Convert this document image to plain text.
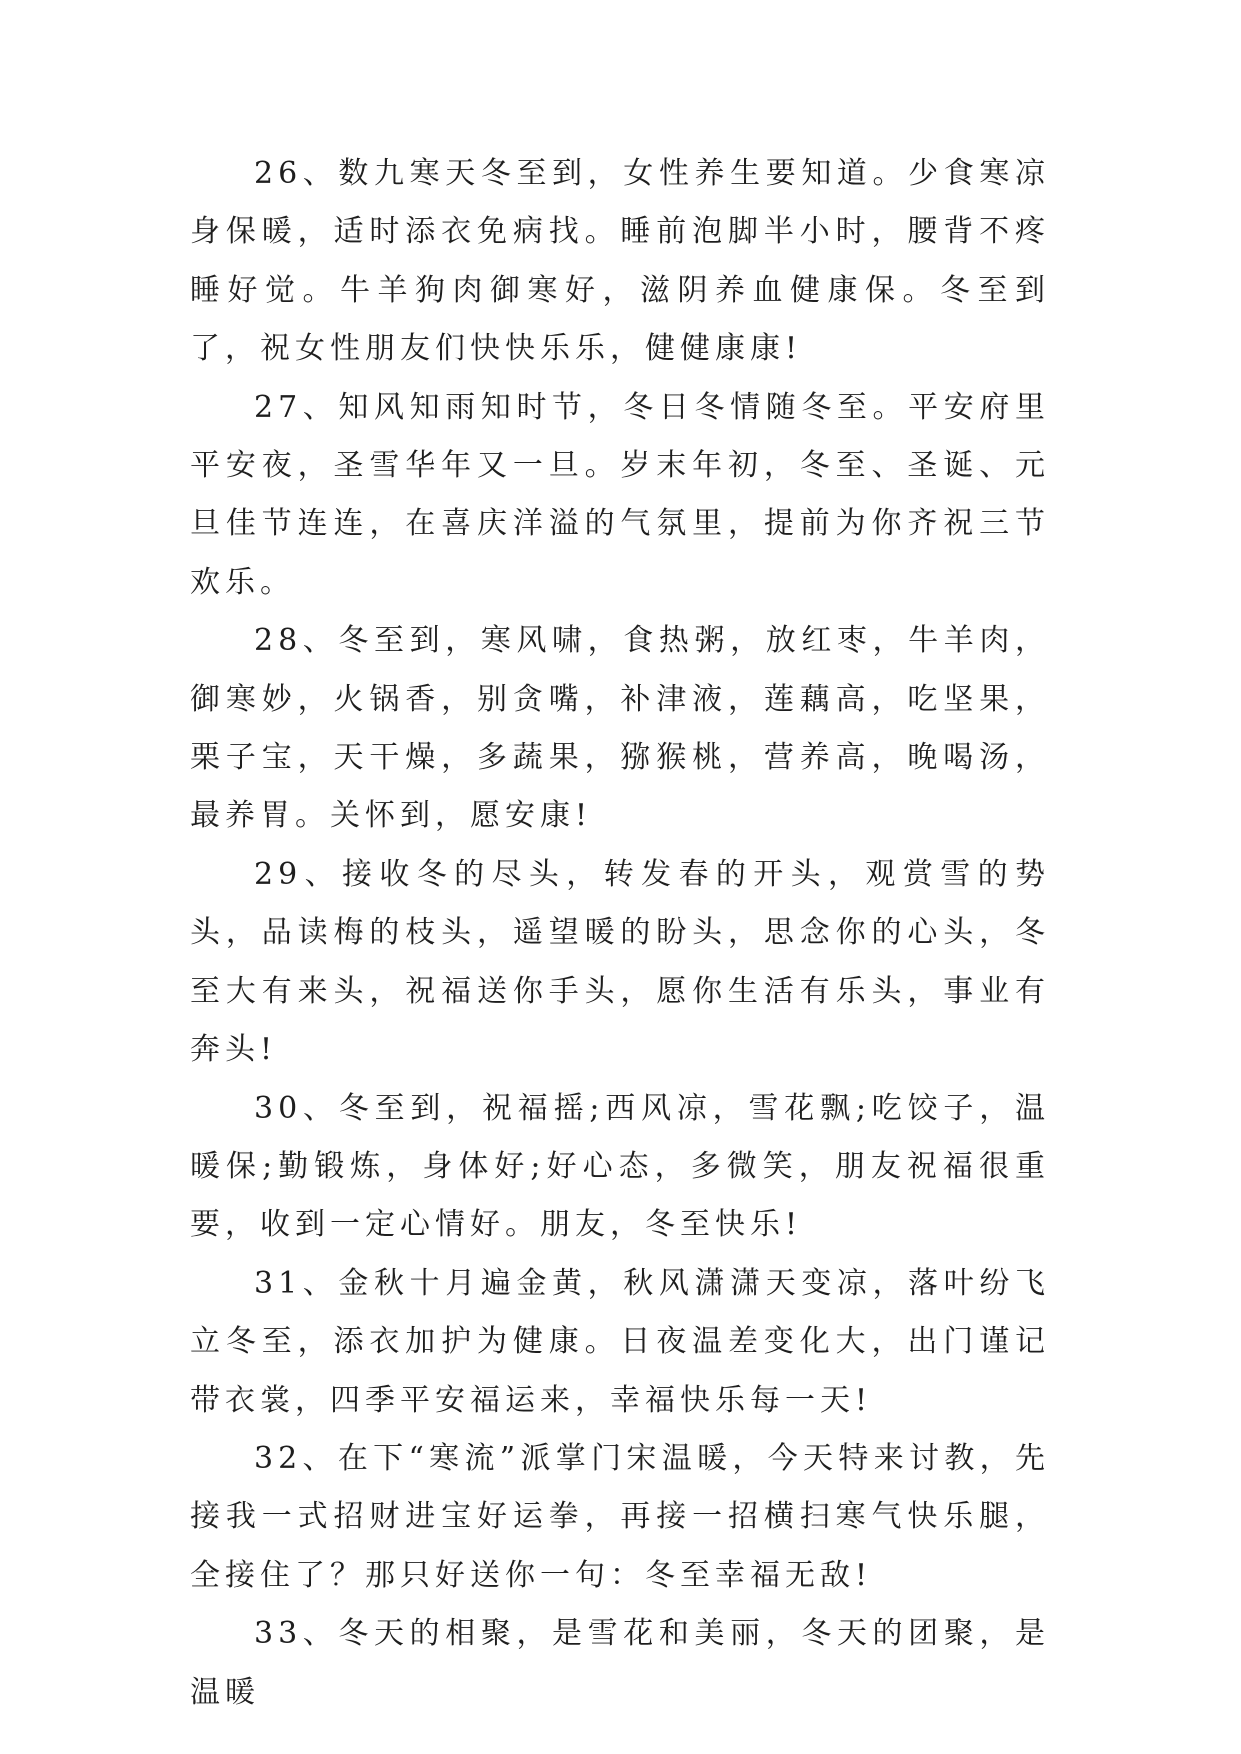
26、数九寒天冬至到，女性养生要知道。少食寒凉身保暖，适时添衣免病找。睡前泡脚半小时，腰背不疼睡好觉。牛羊狗肉御寒好，滋阴养血健康保。冬至到了，祝女性朋友们快快乐乐，健健康康!

27、知风知雨知时节，冬日冬情随冬至。平安府里平安夜，圣雪华年又一旦。岁末年初，冬至、圣诞、元旦佳节连连，在喜庆洋溢的气氛里，提前为你齐祝三节欢乐。

28、冬至到，寒风啸，食热粥，放红枣，牛羊肉，御寒妙，火锅香，别贪嘴，补津液，莲藕高，吃坚果，栗子宝，天干燥，多蔬果，猕猴桃，营养高，晚喝汤，最养胃。关怀到，愿安康!

29、接收冬的尽头，转发春的开头，观赏雪的势头，品读梅的枝头，遥望暖的盼头，思念你的心头，冬至大有来头，祝福送你手头，愿你生活有乐头，事业有奔头!

30、冬至到，祝福摇;西风凉，雪花飘;吃饺子，温暖保;勤锻炼，身体好;好心态，多微笑，朋友祝福很重要，收到一定心情好。朋友，冬至快乐!

31、金秋十月遍金黄，秋风潇潇天变凉，落叶纷飞立冬至，添衣加护为健康。日夜温差变化大，出门谨记带衣裳，四季平安福运来，幸福快乐每一天!

32、在下“寒流”派掌门宋温暖，今天特来讨教，先接我一式招财进宝好运拳，再接一招横扫寒气快乐腿，全接住了？那只好送你一句：冬至幸福无敌!

33、冬天的相聚，是雪花和美丽，冬天的团聚，是温暖
